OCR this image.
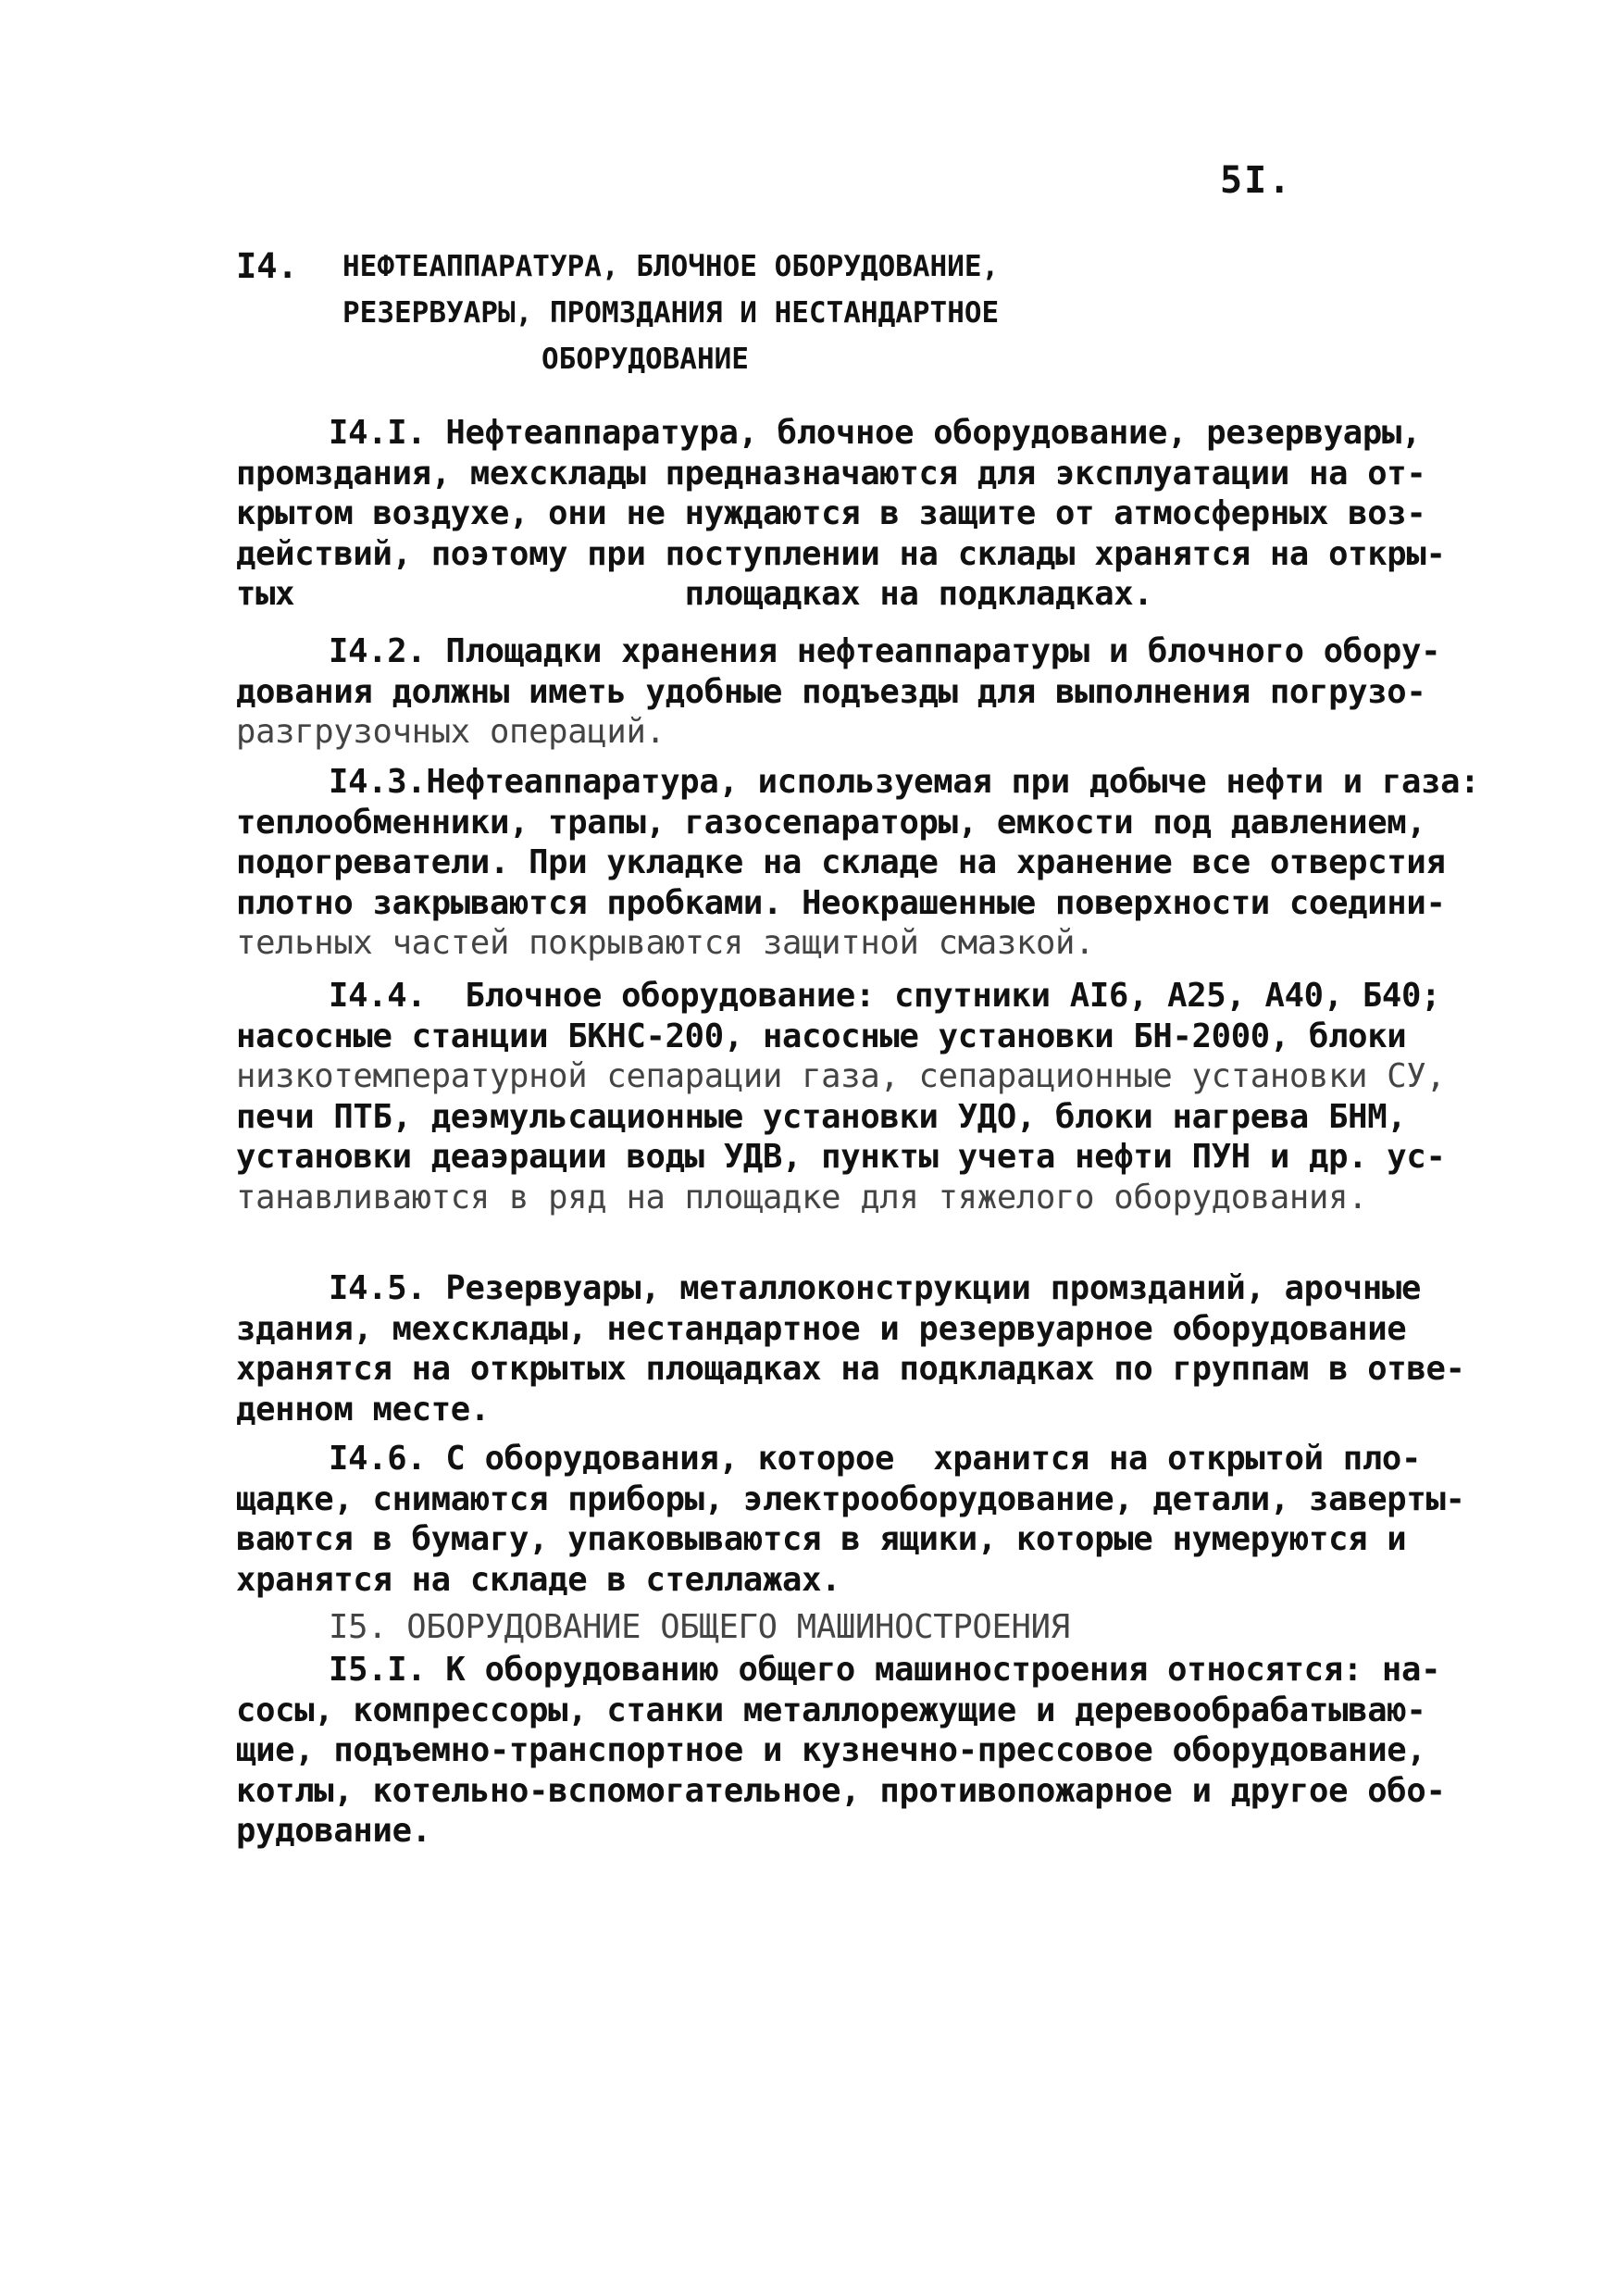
5I.
I4. НЕФТЕАППАРАТУРА, БЛОЧНОЕ ОБОРУДОВАНИЕ,
РЕЗЕРВУАРЫ, ПРОМЗДАНИЯ И НЕСТАНДАРТНОЕ
ОБОРУДОВАНИЕ
I4.I. Нефтеаппаратура, блочное оборудование, резервуары,
промздания, мехсклады предназначаются для эксплуатации на от-
крытом воздухе, они не нуждаются в защите от атмосферных воз-
действий, поэтому при поступлении на склады хранятся на откры-
тых                    площадках на подкладках.
I4.2. Площадки хранения нефтеаппаратуры и блочного обору-
дования должны иметь удобные подъезды для выполнения погрузо-
разгрузочных операций.
I4.3.Нефтеаппаратура, используемая при добыче нефти и газа:
теплообменники, трапы, газосепараторы, емкости под давлением,
подогреватели. При укладке на складе на хранение все отверстия
плотно закрываются пробками. Неокрашенные поверхности соедини-
тельных частей покрываются защитной смазкой.
I4.4.  Блочное оборудование: спутники АI6, А25, А40, Б40;
насосные станции БКНС-200, насосные установки БН-2000, блоки
низкотемпературной сепарации газа, сепарационные установки СУ,
печи ПТБ, деэмульсационные установки УДО, блоки нагрева БНМ,
установки деаэрации воды УДВ, пункты учета нефти ПУН и др. ус-
танавливаются в ряд на площадке для тяжелого оборудования.
I4.5. Резервуары, металлоконструкции промзданий, арочные
здания, мехсклады, нестандартное и резервуарное оборудование
хранятся на открытых площадках на подкладках по группам в отве-
денном месте.
I4.6. С оборудования, которое  хранится на открытой пло-
щадке, снимаются приборы, электрооборудование, детали, заверты-
ваются в бумагу, упаковываются в ящики, которые нумеруются и
хранятся на складе в стеллажах.
I5. ОБОРУДОВАНИЕ ОБЩЕГО МАШИНОСТРОЕНИЯ
I5.I. К оборудованию общего машиностроения относятся: на-
сосы, компрессоры, станки металлорежущие и деревообрабатываю-
щие, подъемно-транспортное и кузнечно-прессовое оборудование,
котлы, котельно-вспомогательное, противопожарное и другое обо-
рудование.
